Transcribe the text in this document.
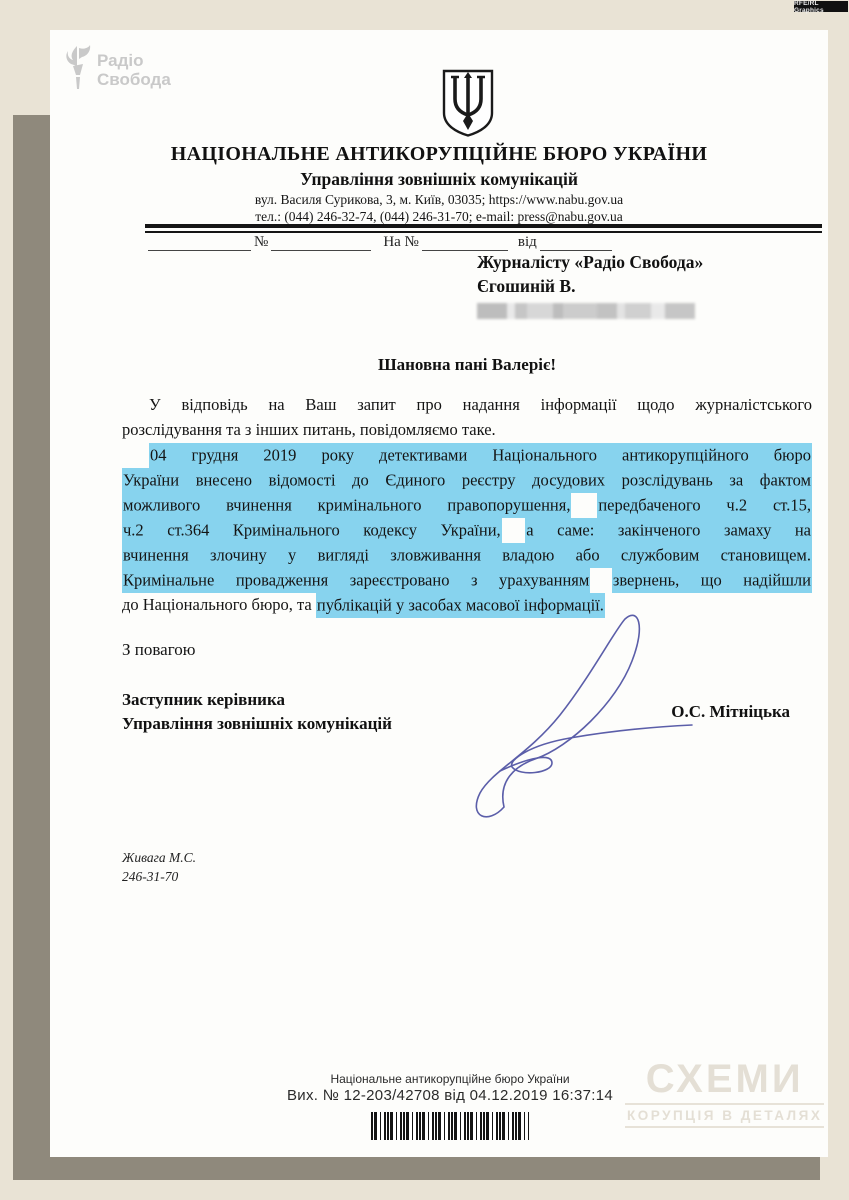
RFE/RL Graphics
Радіо
Свобода
НАЦІОНАЛЬНЕ АНТИКОРУПЦІЙНЕ БЮРО УКРАЇНИ
Управління зовнішніх комунікацій
вул. Василя Сурикова, 3, м. Київ, 03035; https://www.nabu.gov.ua
тел.: (044) 246-32-74, (044) 246-31-70; e-mail: press@nabu.gov.ua
№	На №	від
Журналісту «Радіо Свобода»
Єгошиній В.
Шановна пані Валеріє!
У відповідь на Ваш запит про надання інформації щодо журналістського
розслідування та з інших питань, повідомляємо таке.
04 грудня 2019 року детективами Національного антикорупційного бюро
України внесено відомості до Єдиного реєстру досудових розслідувань за фактом
можливого вчинення кримінального правопорушення, передбаченого ч.2 ст.15,
ч.2 ст.364 Кримінального кодексу України, а саме: закінченого замаху на
вчинення злочину у вигляді зловживання владою або службовим становищем.
Кримінальне провадження зареєстровано з урахуванням звернень, що надійшли
до Національного бюро, та публікацій у засобах масової інформації.
З повагою
Заступник керівника
Управління зовнішніх комунікацій
О.С. Мітніцька
Живага М.С.
246-31-70
Національне антикорупційне бюро України
Вих. № 12-203/42708 від 04.12.2019 16:37:14 СХЕМИ
КОРУПЦІЯ В ДЕТАЛЯХ
